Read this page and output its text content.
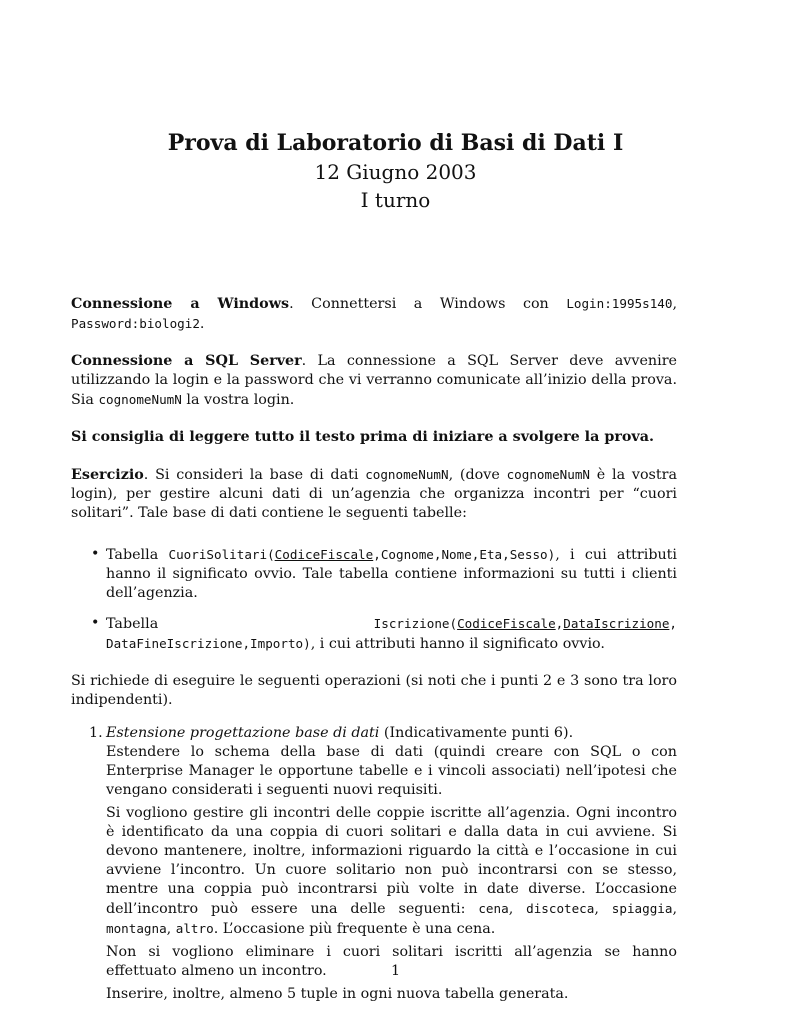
Prova di Laboratorio di Basi di Dati I
12 Giugno 2003
I turno

Connessione a Windows. Connettersi a Windows con Login:1995s140, Password:biologi2.

Connessione a SQL Server. La connessione a SQL Server deve avvenire utilizzando la login e la password che vi verranno comunicate all’inizio della prova. Sia cognomeNumN la vostra login.

Si consiglia di leggere tutto il testo prima di iniziare a svolgere la prova.

Esercizio. Si consideri la base di dati cognomeNumN, (dove cognomeNumN è la vostra login), per gestire alcuni dati di un’agenzia che organizza incontri per “cuori solitari”. Tale base di dati contiene le seguenti tabelle:

• Tabella CuoriSolitari(CodiceFiscale,Cognome,Nome,Eta,Sesso), i cui attributi hanno il significato ovvio. Tale tabella contiene informazioni su tutti i clienti dell’agenzia.
• Tabella Iscrizione(CodiceFiscale,DataIscrizione, DataFineIscrizione,Importo), i cui attributi hanno il significato ovvio.

Si richiede di eseguire le seguenti operazioni (si noti che i punti 2 e 3 sono tra loro indipendenti).

1. Estensione progettazione base di dati (Indicativamente punti 6).

Estendere lo schema della base di dati (quindi creare con SQL o con Enterprise Manager le opportune tabelle e i vincoli associati) nell’ipotesi che vengano considerati i seguenti nuovi requisiti.

Si vogliono gestire gli incontri delle coppie iscritte all’agenzia. Ogni incontro è identificato da una coppia di cuori solitari e dalla data in cui avviene. Si devono mantenere, inoltre, informazioni riguardo la città e l’occasione in cui avviene l’incontro. Un cuore solitario non può incontrarsi con se stesso, mentre una coppia può incontrarsi più volte in date diverse. L’occasione dell’incontro può essere una delle seguenti: cena, discoteca, spiaggia, montagna, altro. L’occasione più frequente è una cena.

Non si vogliono eliminare i cuori solitari iscritti all’agenzia se hanno effettuato almeno un incontro.

Inserire, inoltre, almeno 5 tuple in ogni nuova tabella generata.

1
